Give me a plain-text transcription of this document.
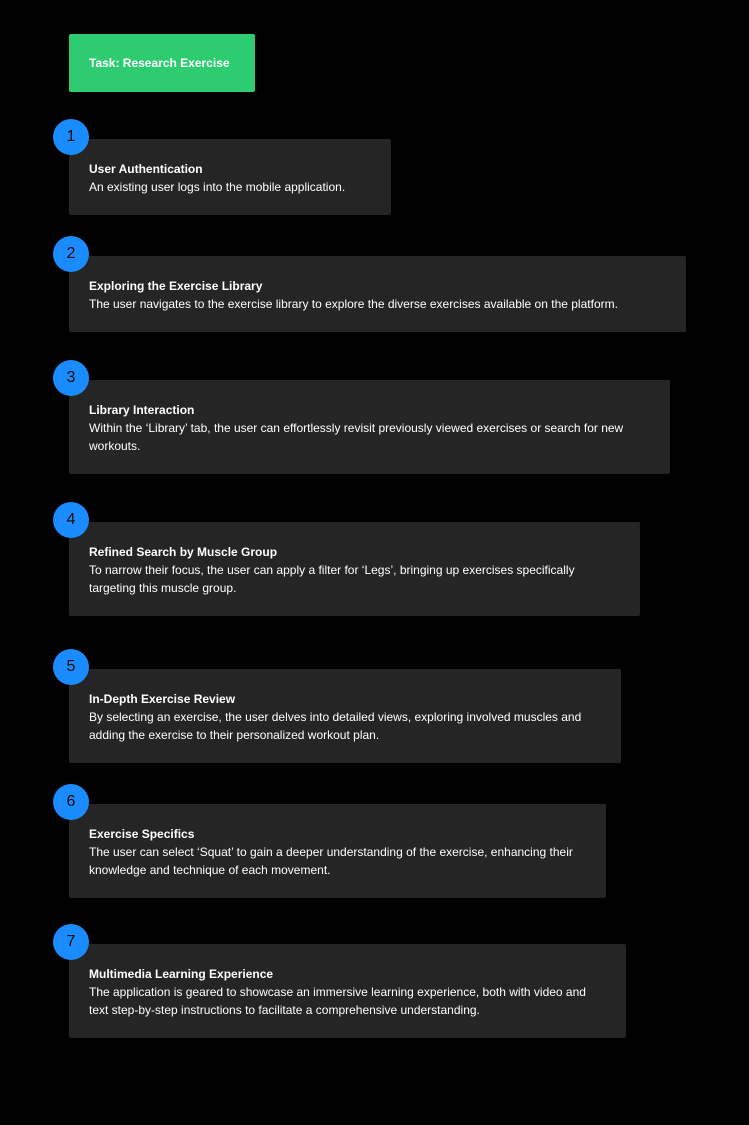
Task: Research Exercise
User Authentication
An existing user logs into the mobile application.
1
Exploring the Exercise Library
The user navigates to the exercise library to explore the diverse exercises available on the platform.
2
Library Interaction
Within the ‘Library’ tab, the user can effortlessly revisit previously viewed exercises or search for new workouts.
3
Refined Search by Muscle Group
To narrow their focus, the user can apply a filter for ‘Legs’, bringing up exercises specifically targeting this muscle group.
4
In-Depth Exercise Review
By selecting an exercise, the user delves into detailed views, exploring involved muscles and adding the exercise to their personalized workout plan.
5
Exercise Specifics
The user can select ‘Squat’ to gain a deeper understanding of the exercise, enhancing their knowledge and technique of each movement.
6
Multimedia Learning Experience
The application is geared to showcase an immersive learning experience, both with video and text step-by-step instructions to facilitate a comprehensive understanding.
7
